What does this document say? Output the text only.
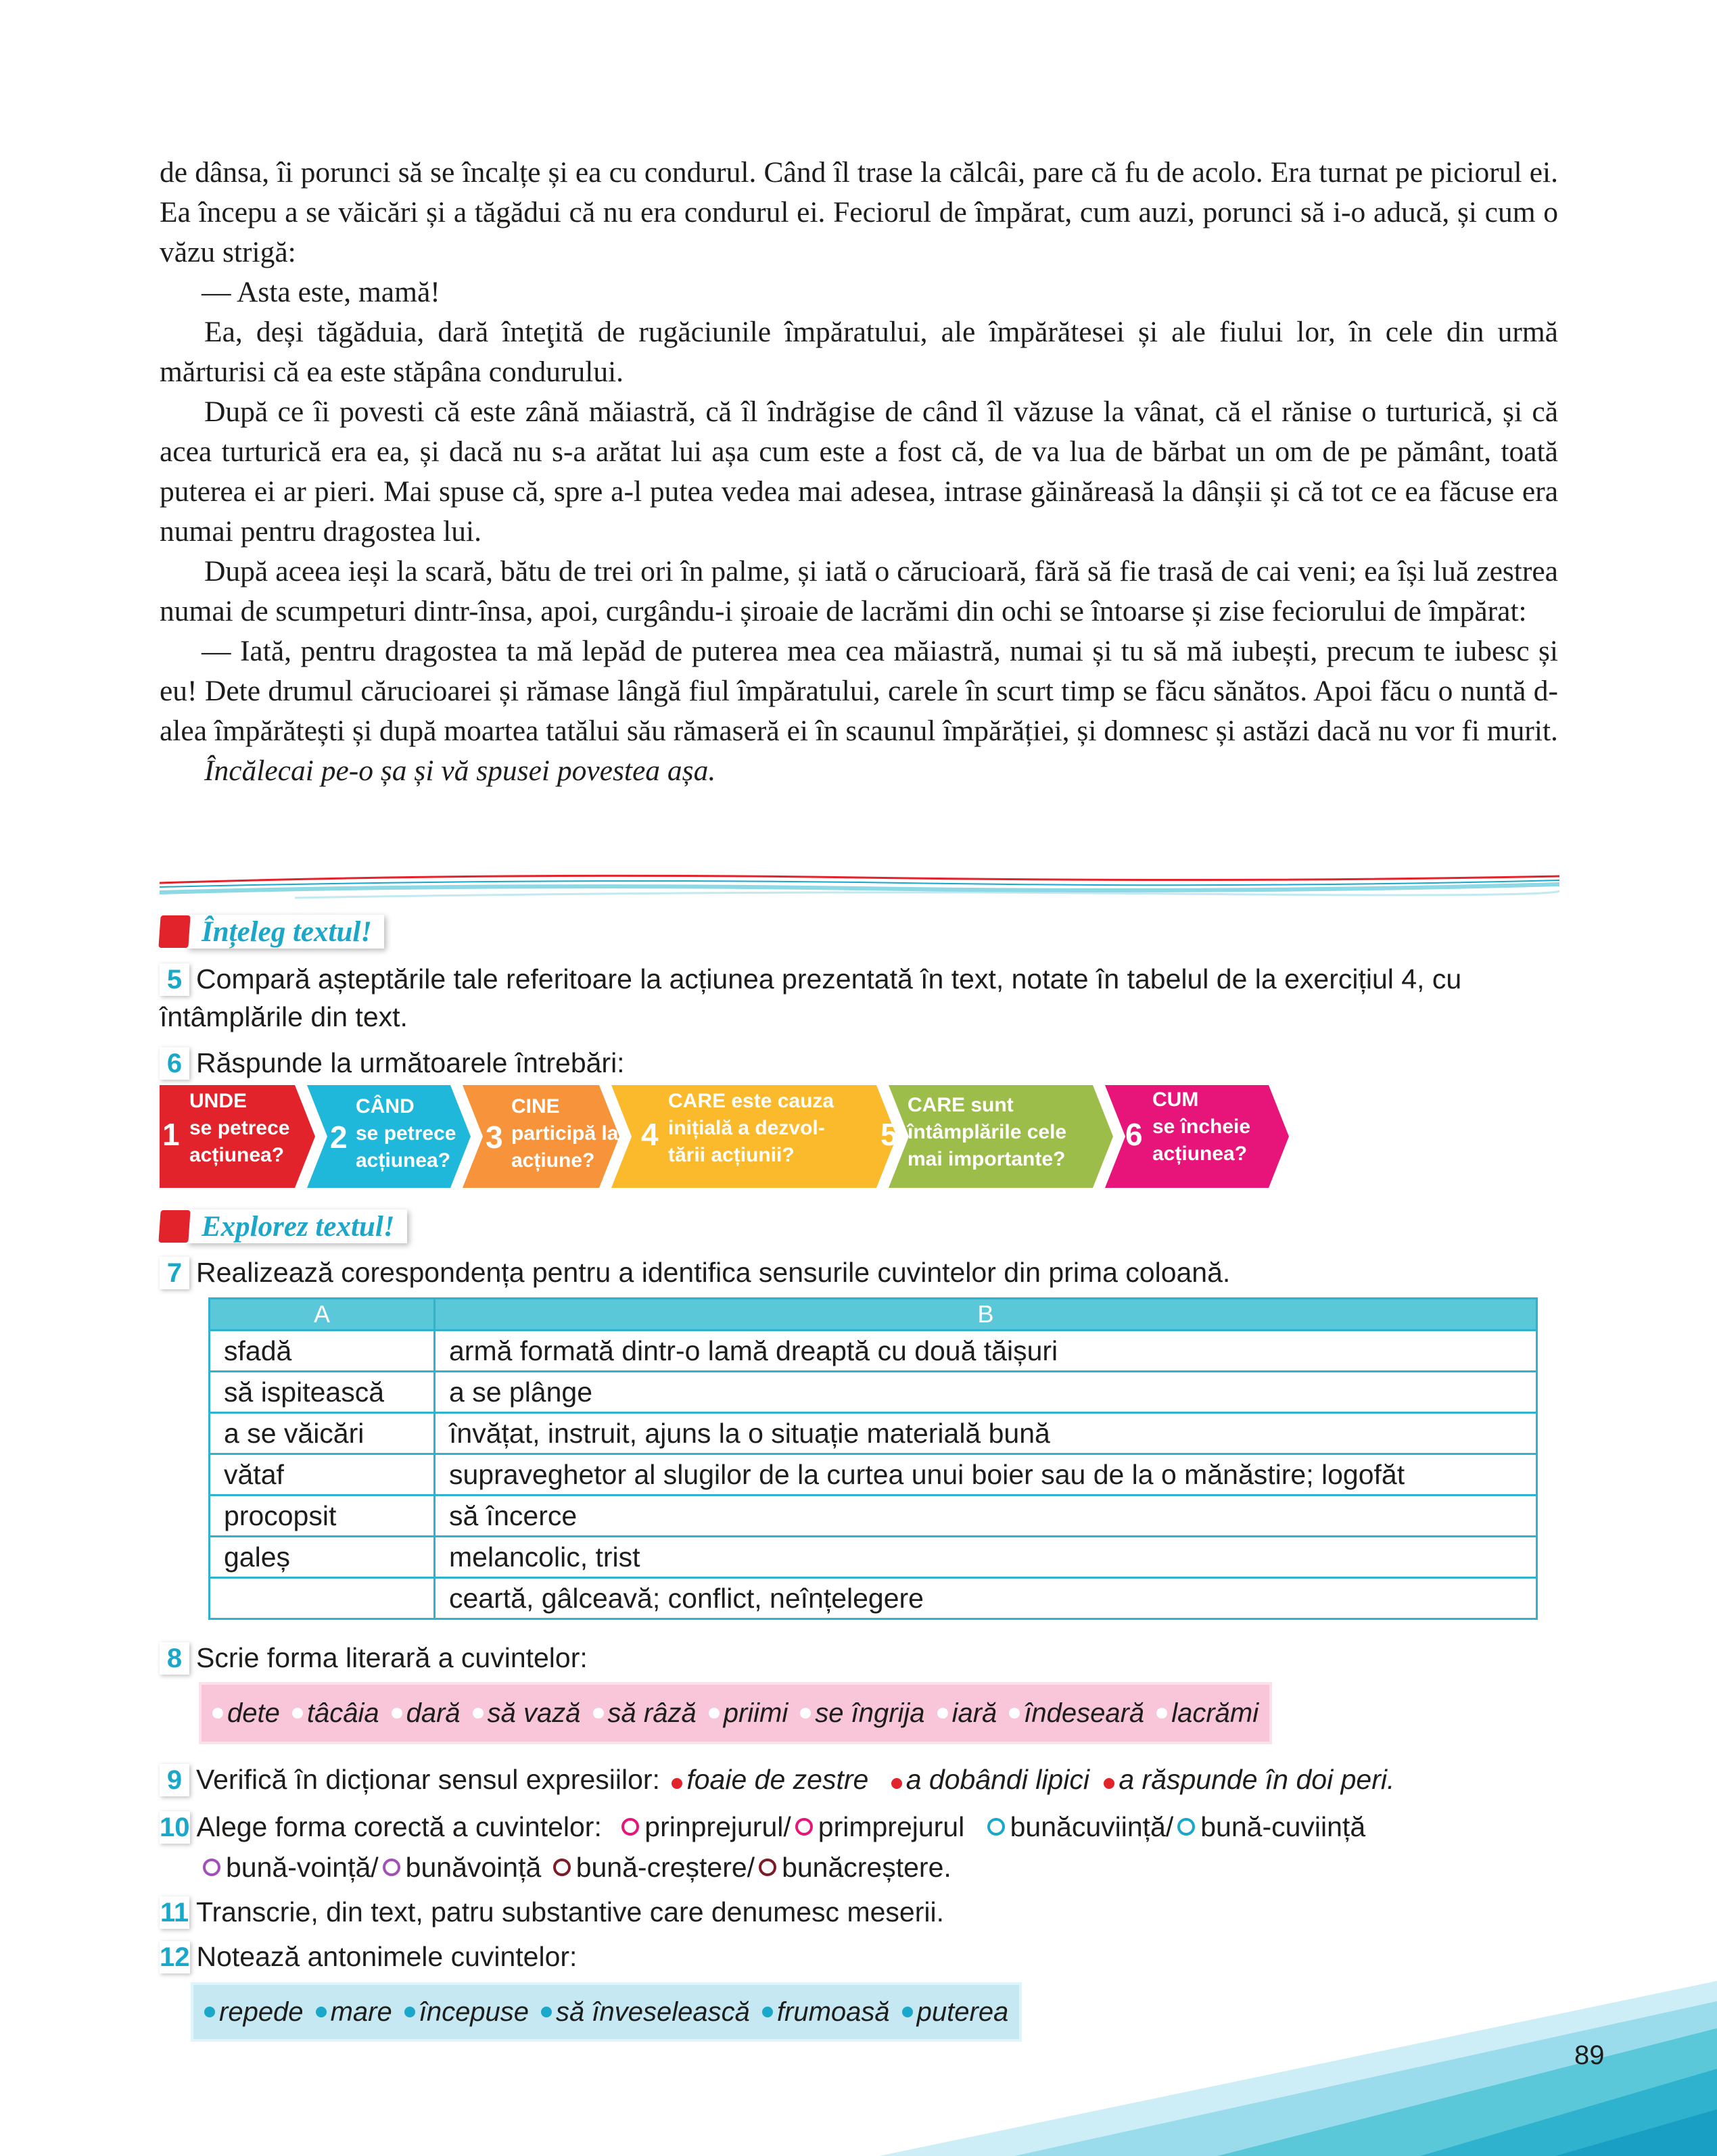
de dânsa, îi porunci să se încalțe și ea cu condurul. Când îl trase la călcâi, pare că fu de acolo. Era turnat pe piciorul ei. Ea începu a se văicări și a tăgădui că nu era condurul ei. Feciorul de împărat, cum auzi, porunci să i-o aducă, și cum o văzu strigă:

— Asta este, mamă!

Ea, deși tăgăduia, dară înteţită de rugăciunile împăratului, ale împărătesei și ale fiului lor, în cele din urmă mărturisi că ea este stăpâna condurului.

După ce îi povesti că este zână măiastră, că îl îndrăgise de când îl văzuse la vânat, că el rănise o turturică, și că acea turturică era ea, și dacă nu s-a arătat lui așa cum este a fost că, de va lua de bărbat un om de pe pământ, toată puterea ei ar pieri. Mai spuse că, spre a-l putea vedea mai adesea, intrase găinăreasă la dânșii și că tot ce ea făcuse era numai pentru dragostea lui.

După aceea ieși la scară, bătu de trei ori în palme, și iată o cărucioară, fără să fie trasă de cai veni; ea își luă zestrea numai de scumpeturi dintr-însa, apoi, curgându-i șiroaie de lacrămi din ochi se întoarse și zise feciorului de împărat:

— Iată, pentru dragostea ta mă lepăd de puterea mea cea măiastră, numai și tu să mă iubești, precum te iubesc și eu! Dete drumul cărucioarei și rămase lângă fiul împăratului, carele în scurt timp se făcu sănătos. Apoi făcu o nuntă d-alea împărătești și după moartea tatălui său rămaseră ei în scaunul împărăției, și domnesc și astăzi dacă nu vor fi murit.

Încălecai pe-o șa și vă spusei povestea așa.

Înțeleg textul!
5 Compară așteptările tale referitoare la acțiunea prezentată în text, notate în tabelul de la exercițiul 4, cu întâmplările din text.
6 Răspunde la următoarele întrebări:
1
UNDE
se petrece
acțiunea?
2
CÂND
se petrece
acțiunea?
3
CINE
participă la
acțiune?
4
CARE este cauza
inițială a dezvol-
tării acțiunii?
5
CARE sunt
întâmplările cele
mai importante?
6
CUM
se încheie
acțiunea?
Explorez textul!
7 Realizează corespondența pentru a identifica sensurile cuvintelor din prima coloană.
A	B
sfadă	armă formată dintr-o lamă dreaptă cu două tăișuri
să ispitească	a se plânge
a se văicări	învățat, instruit, ajuns la o situație materială bună
vătaf	supraveghetor al slugilor de la curtea unui boier sau de la o mănăstire; logofăt
procopsit	să încerce
galeș	melancolic, trist
	ceartă, gâlceavă; conflict, neînțelegere
8 Scrie forma literară a cuvintelor:
dete tâcâia dară să vază să râză priimi se îngrija iară îndeseară lacrămi
9 Verifică în dicționar sensul expresiilor: foaie de zestre a dobândi lipici a răspunde în doi peri.
10 Alege forma corectă a cuvintelor: prinprejurul/ primprejurul bunăcuviință/ bună-cuviință
bună-voință/ bunăvoință bună-creștere/ bunăcreștere.
11 Transcrie, din text, patru substantive care denumesc meserii.
12 Notează antonimele cuvintelor:
repede mare începuse să înveselească frumoasă puterea
89
